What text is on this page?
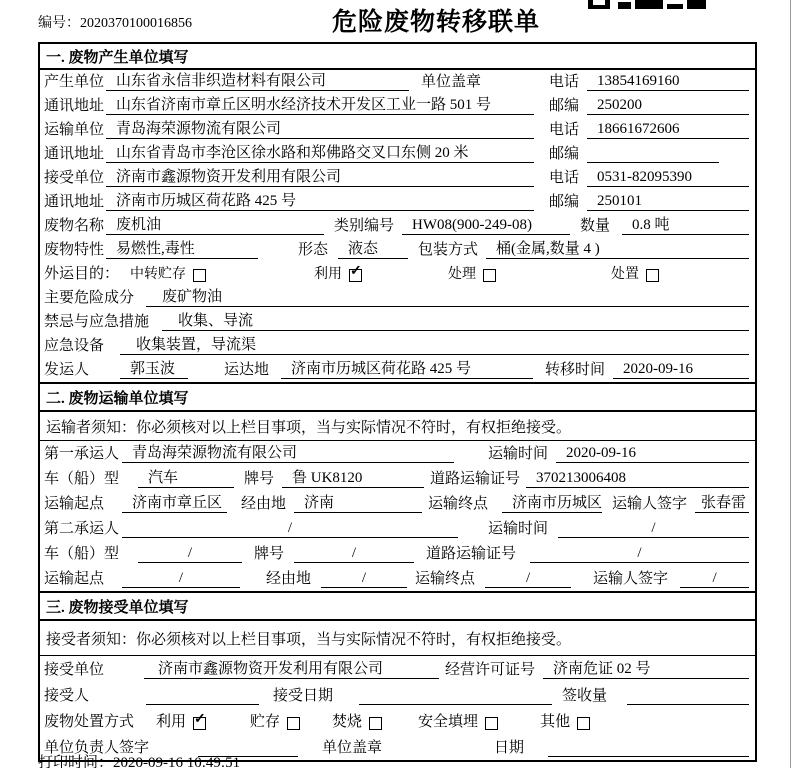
编号：2020370100016856	危险废物转移联单
一. 废物产生单位填写
产生单位 山东省永信非织造材料有限公司	单位盖章	电话	13854169160
通讯地址 山东省济南市章丘区明水经济技术开发区工业一路 501 号	邮编	250200
运输单位 青岛海荣源物流有限公司	电话	18661672606
通讯地址 山东省青岛市李沧区徐水路和郑佛路交叉口东侧 20 米	邮编
接受单位 济南市鑫源物资开发利用有限公司	电话	0531-82095390
通讯地址 济南市历城区荷花路 425 号	邮编	250101
废物名称 废机油	类别编号	HW08(900-249-08)	数量	0.8 吨
废物特性 易燃性,毒性	形态	液态	包装方式	桶(金属,数量 4 )
外运目的： 中转贮存	利用 ✓	处理	处置
主要危险成分	废矿物油
禁忌与应急措施	收集、导流
应急设备	收集装置，导流渠
发运人	郭玉波	运达地	济南市历城区荷花路 425 号	转移时间	2020-09-16
二. 废物运输单位填写
运输者须知：你必须核对以上栏目事项，当与实际情况不符时，有权拒绝接受。
第一承运人 青岛海荣源物流有限公司	运输时间	2020-09-16
车（船）型	汽车	牌号	鲁 UK8120	道路运输证号	370213006408
运输起点	济南市章丘区	经由地	济南	运输终点	济南市历城区 运输人签字 张春雷
第二承运人	/	运输时间	/
车（船）型	/	牌号	/	道路运输证号	/
运输起点	/	经由地	/	运输终点	/	运输人签字	/
三. 废物接受单位填写
接受者须知：你必须核对以上栏目事项，当与实际情况不符时，有权拒绝接受。
接受单位	济南市鑫源物资开发利用有限公司	经营许可证号	济南危证 02 号
接受人	接受日期	签收量
废物处置方式 利用 ✓	贮存	焚烧	安全填埋	其他
单位负责人签字	单位盖章	日期
打印时间：2020-09-16 10:49:51
